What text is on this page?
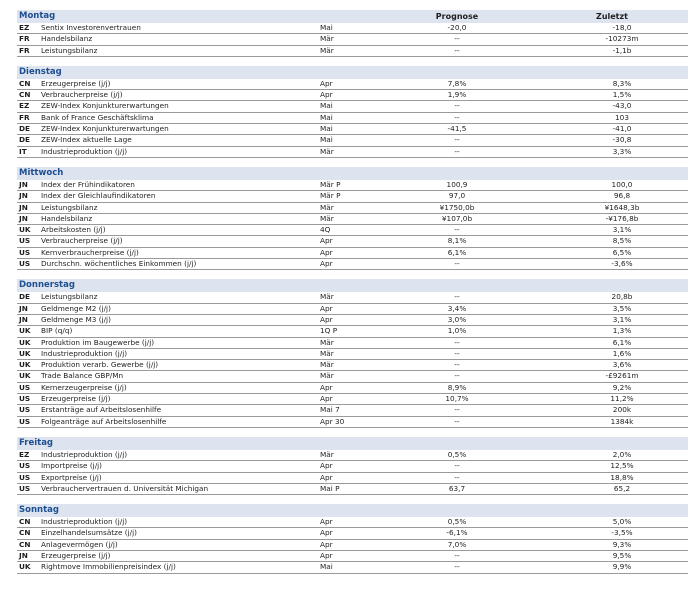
Montag	Prognose	Zuletzt
EZ Sentix Investorenvertrauen	Mai	-20,0	-18,0
FR Handelsbilanz	Mär	--	-10273m
FR Leistungsbilanz	Mär	--	-1,1b
Dienstag
CN Erzeugerpreise (j/j)	Apr	7,8%	8,3%
CN Verbraucherpreise (j/j)	Apr	1,9%	1,5%
EZ ZEW-Index Konjunkturerwartungen	Mai	--	-43,0
FR Bank of France Geschäftsklima	Mai	--	103
DE ZEW-Index Konjunkturerwartungen	Mai	-41,5	-41,0
DE ZEW-Index aktuelle Lage	Mai	--	-30,8
IT Industrieproduktion (j/j)	Mär	--	3,3%
Mittwoch
JN Index der Frühindikatoren	Mär P	100,9	100,0
JN Index der Gleichlaufindikatoren	Mär P	97,0	96,8
JN Leistungsbilanz	Mär	¥1750,0b	¥1648,3b
JN Handelsbilanz	Mär	¥107,0b	-¥176,8b
UK Arbeitskosten (j/j)	4Q	--	3,1%
US Verbraucherpreise (j/j)	Apr	8,1%	8,5%
US Kernverbraucherpreise (j/j)	Apr	6,1%	6,5%
US Durchschn. wöchentliches Einkommen (j/j)	Apr	--	-3,6%
Donnerstag
DE Leistungsbilanz	Mär	--	20,8b
JN Geldmenge M2 (j/j)	Apr	3,4%	3,5%
JN Geldmenge M3 (j/j)	Apr	3,0%	3,1%
UK BIP (q/q)	1Q P	1,0%	1,3%
UK Produktion im Baugewerbe (j/j)	Mär	--	6,1%
UK Industrieproduktion (j/j)	Mär	--	1,6%
UK Produktion verarb. Gewerbe (j/j)	Mär	--	3,6%
UK Trade Balance GBP/Mn	Mär	--	-£9261m
US Kernerzeugerpreise (j/j)	Apr	8,9%	9,2%
US Erzeugerpreise (j/j)	Apr	10,7%	11,2%
US Erstanträge auf Arbeitslosenhilfe	Mai 7	--	200k
US Folgeanträge auf Arbeitslosenhilfe	Apr 30	--	1384k
Freitag
EZ Industrieproduktion (j/j)	Mär	0,5%	2,0%
US Importpreise (j/j)	Apr	--	12,5%
US Exportpreise (j/j)	Apr	--	18,8%
US Verbrauchervertrauen d. Universität Michigan	Mai P	63,7	65,2
Sonntag
CN Industrieproduktion (j/j)	Apr	0,5%	5,0%
CN Einzelhandelsumsätze (j/j)	Apr	-6,1%	-3,5%
CN Anlagevermögen (j/j)	Apr	7,0%	9,3%
JN Erzeugerpreise (j/j)	Apr	--	9,5%
UK Rightmove Immobilienpreisindex (j/j)	Mai	--	9,9%
